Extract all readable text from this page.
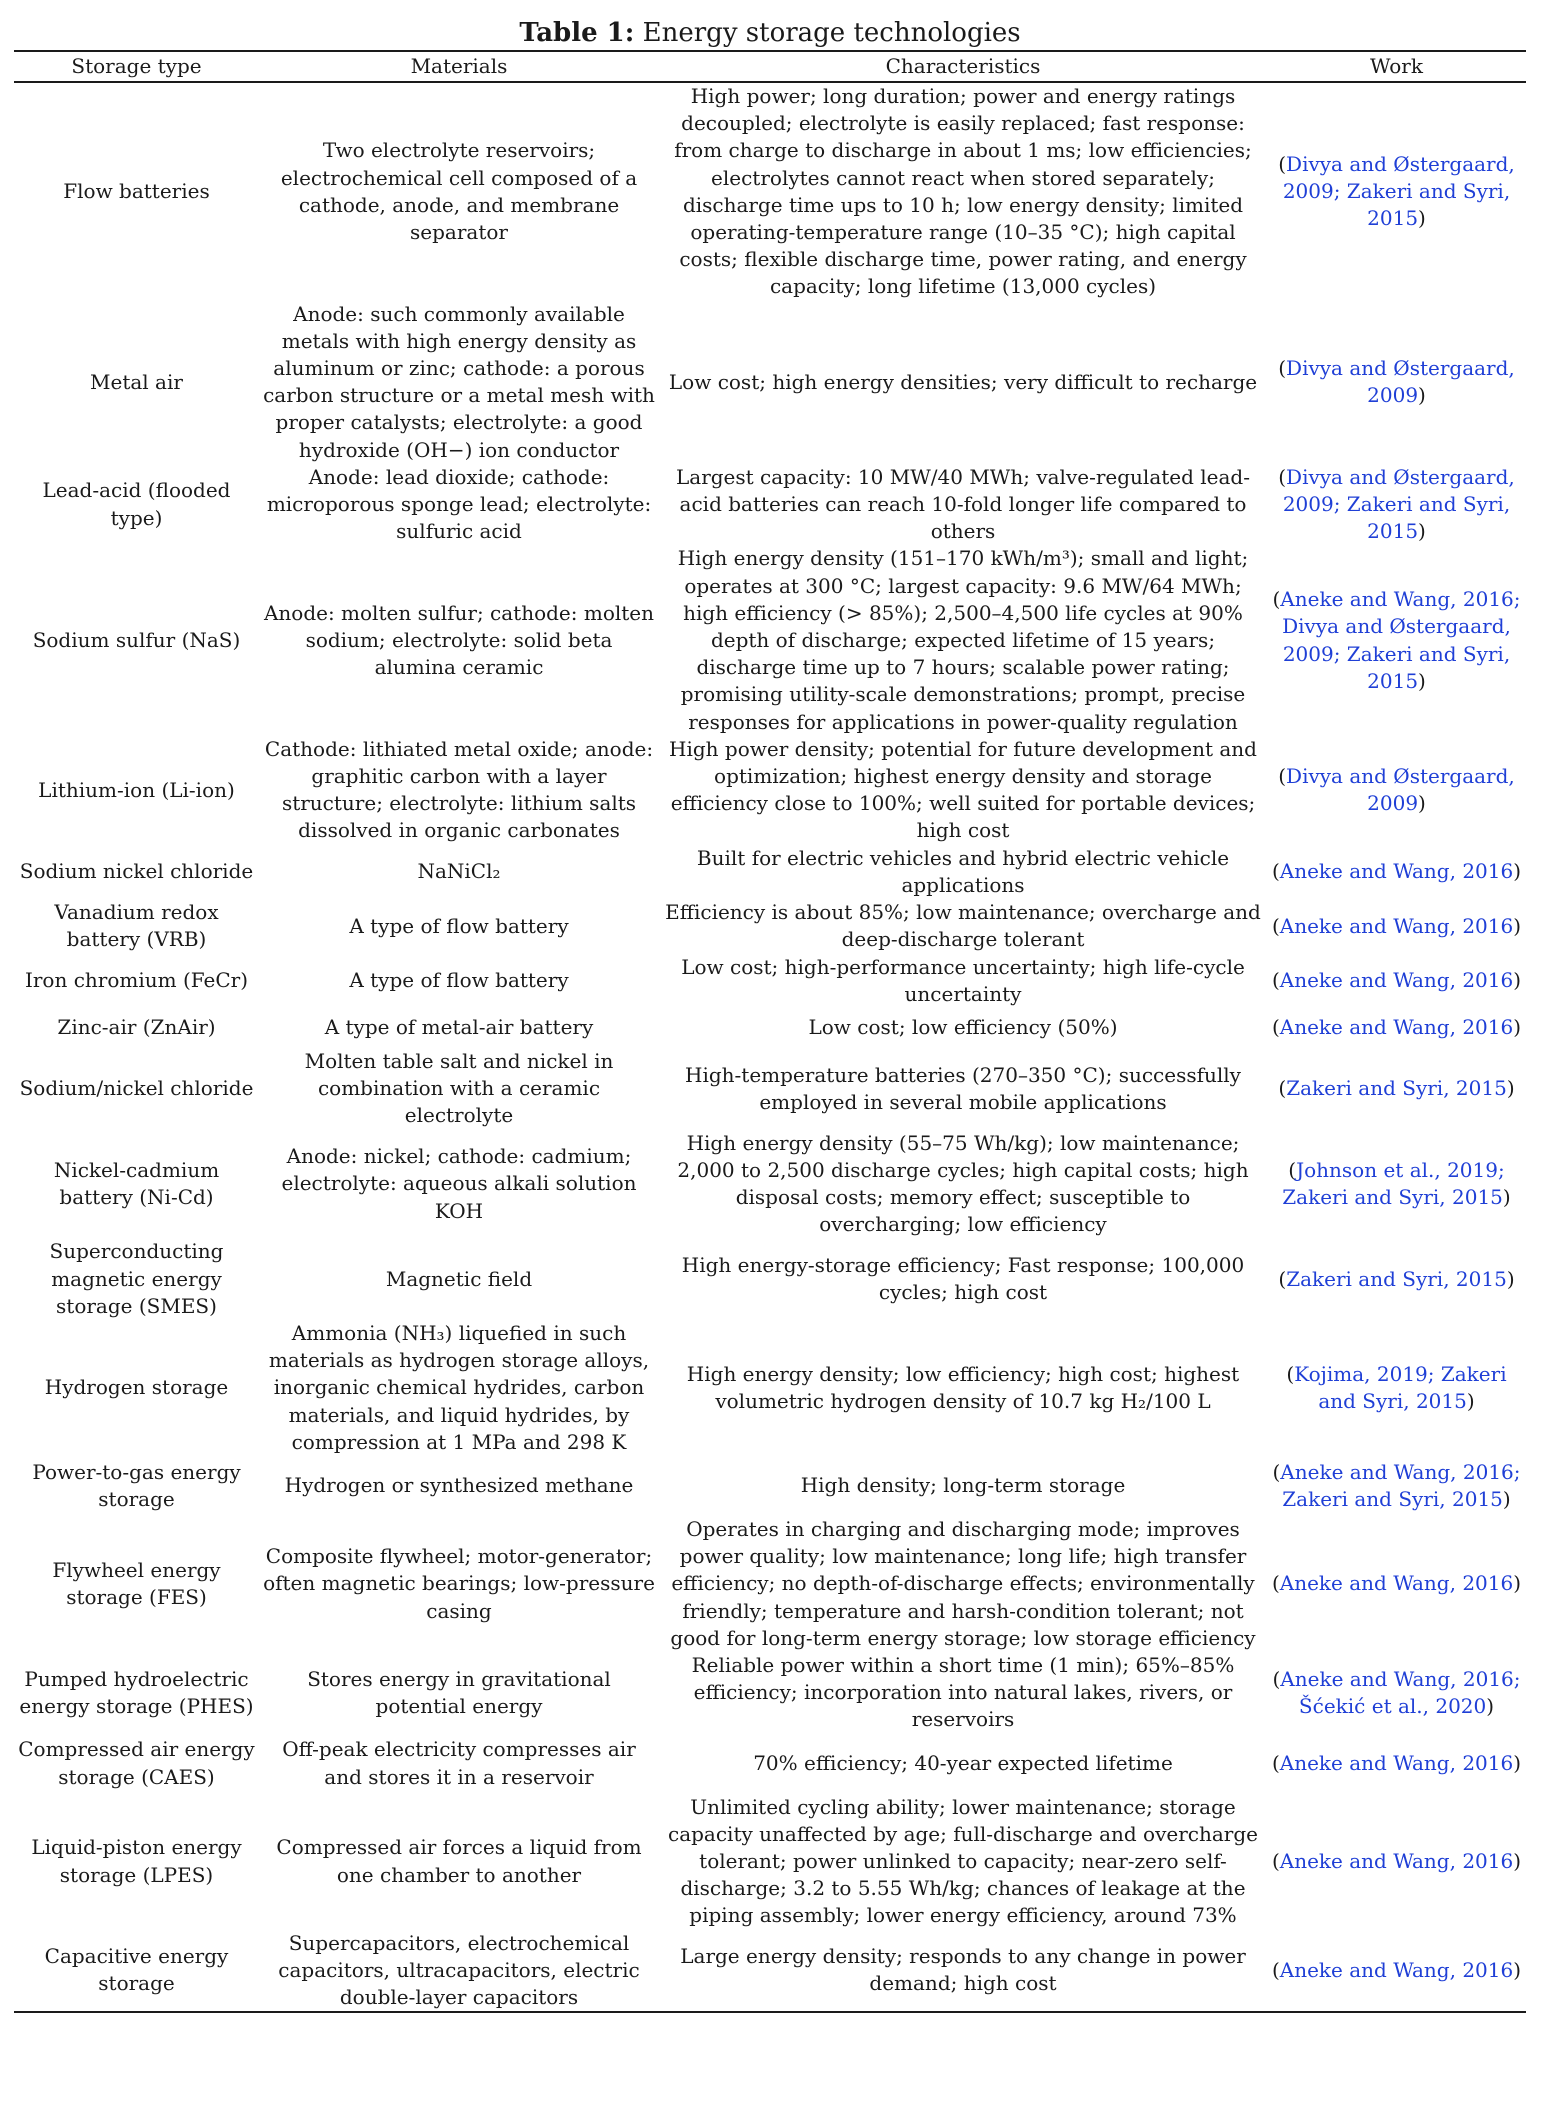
Table 1: Energy storage technologies
Storage type	Materials	Characteristics	Work
Flow batteries	Two electrolyte reservoirs; electrochemical cell composed of a cathode, anode, and membrane separator	High power; long duration; power and energy ratings decoupled; electrolyte is easily replaced; fast response: from charge to discharge in about 1 ms; low efficiencies; electrolytes cannot react when stored separately; discharge time ups to 10 h; low energy density; limited operating-temperature range (10–35 °C); high capital costs; flexible discharge time, power rating, and energy capacity; long lifetime (13,000 cycles)	(Divya and Østergaard, 2009; Zakeri and Syri, 2015)
Metal air	Anode: such commonly available metals with high energy density as aluminum or zinc; cathode: a porous carbon structure or a metal mesh with proper catalysts; electrolyte: a good hydroxide (OH−) ion conductor	Low cost; high energy densities; very difficult to recharge	(Divya and Østergaard, 2009)
Lead-acid (flooded type)	Anode: lead dioxide; cathode: microporous sponge lead; electrolyte: sulfuric acid	Largest capacity: 10 MW/40 MWh; valve-regulated lead-acid batteries can reach 10-fold longer life compared to others	(Divya and Østergaard, 2009; Zakeri and Syri, 2015)
Sodium sulfur (NaS)	Anode: molten sulfur; cathode: molten sodium; electrolyte: solid beta alumina ceramic	High energy density (151–170 kWh/m³); small and light; operates at 300 °C; largest capacity: 9.6 MW/64 MWh; high efficiency (> 85%); 2,500–4,500 life cycles at 90% depth of discharge; expected lifetime of 15 years; discharge time up to 7 hours; scalable power rating; promising utility-scale demonstrations; prompt, precise responses for applications in power-quality regulation	(Aneke and Wang, 2016; Divya and Østergaard, 2009; Zakeri and Syri, 2015)
Lithium-ion (Li-ion)	Cathode: lithiated metal oxide; anode: graphitic carbon with a layer structure; electrolyte: lithium salts dissolved in organic carbonates	High power density; potential for future development and optimization; highest energy density and storage efficiency close to 100%; well suited for portable devices; high cost	(Divya and Østergaard, 2009)
Sodium nickel chloride	NaNiCl₂	Built for electric vehicles and hybrid electric vehicle applications	(Aneke and Wang, 2016)
Vanadium redox battery (VRB)	A type of flow battery	Efficiency is about 85%; low maintenance; overcharge and deep-discharge tolerant	(Aneke and Wang, 2016)
Iron chromium (FeCr)	A type of flow battery	Low cost; high-performance uncertainty; high life-cycle uncertainty	(Aneke and Wang, 2016)
Zinc-air (ZnAir)	A type of metal-air battery	Low cost; low efficiency (50%)	(Aneke and Wang, 2016)
Sodium/nickel chloride	Molten table salt and nickel in combination with a ceramic electrolyte	High-temperature batteries (270–350 °C); successfully employed in several mobile applications	(Zakeri and Syri, 2015)
Nickel-cadmium battery (Ni-Cd)	Anode: nickel; cathode: cadmium; electrolyte: aqueous alkali solution KOH	High energy density (55–75 Wh/kg); low maintenance; 2,000 to 2,500 discharge cycles; high capital costs; high disposal costs; memory effect; susceptible to overcharging; low efficiency	(Johnson et al., 2019; Zakeri and Syri, 2015)
Superconducting magnetic energy storage (SMES)	Magnetic field	High energy-storage efficiency; Fast response; 100,000 cycles; high cost	(Zakeri and Syri, 2015)
Hydrogen storage	Ammonia (NH₃) liquefied in such materials as hydrogen storage alloys, inorganic chemical hydrides, carbon materials, and liquid hydrides, by compression at 1 MPa and 298 K	High energy density; low efficiency; high cost; highest volumetric hydrogen density of 10.7 kg H₂/100 L	(Kojima, 2019; Zakeri and Syri, 2015)
Power-to-gas energy storage	Hydrogen or synthesized methane	High density; long-term storage	(Aneke and Wang, 2016; Zakeri and Syri, 2015)
Flywheel energy storage (FES)	Composite flywheel; motor-generator; often magnetic bearings; low-pressure casing	Operates in charging and discharging mode; improves power quality; low maintenance; long life; high transfer efficiency; no depth-of-discharge effects; environmentally friendly; temperature and harsh-condition tolerant; not good for long-term energy storage; low storage efficiency	(Aneke and Wang, 2016)
Pumped hydroelectric energy storage (PHES)	Stores energy in gravitational potential energy	Reliable power within a short time (1 min); 65%–85% efficiency; incorporation into natural lakes, rivers, or reservoirs	(Aneke and Wang, 2016; Šćekić et al., 2020)
Compressed air energy storage (CAES)	Off-peak electricity compresses air and stores it in a reservoir	70% efficiency; 40-year expected lifetime	(Aneke and Wang, 2016)
Liquid-piston energy storage (LPES)	Compressed air forces a liquid from one chamber to another	Unlimited cycling ability; lower maintenance; storage capacity unaffected by age; full-discharge and overcharge tolerant; power unlinked to capacity; near-zero self-discharge; 3.2 to 5.55 Wh/kg; chances of leakage at the piping assembly; lower energy efficiency, around 73%	(Aneke and Wang, 2016)
Capacitive energy storage	Supercapacitors, electrochemical capacitors, ultracapacitors, electric double-layer capacitors	Large energy density; responds to any change in power demand; high cost	(Aneke and Wang, 2016)
